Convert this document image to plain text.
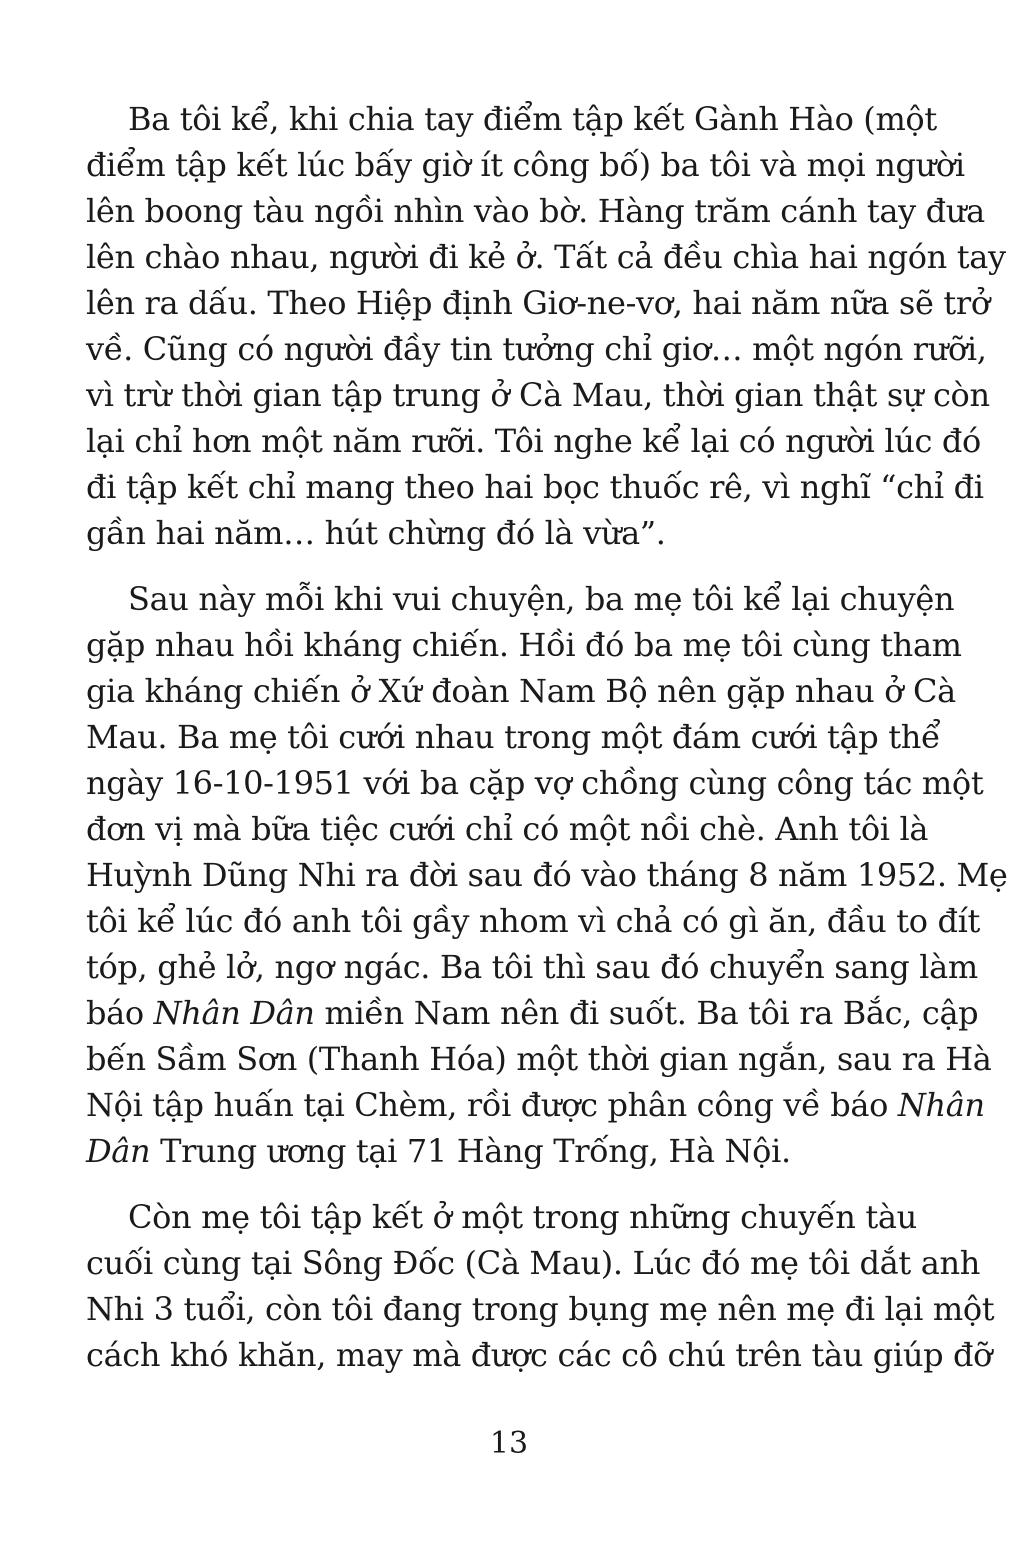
Ba tôi kể, khi chia tay điểm tập kết Gành Hào (một
điểm tập kết lúc bấy giờ ít công bố) ba tôi và mọi người
lên boong tàu ngồi nhìn vào bờ. Hàng trăm cánh tay đưa
lên chào nhau, người đi kẻ ở. Tất cả đều chìa hai ngón tay
lên ra dấu. Theo Hiệp định Giơ-ne-vơ, hai năm nữa sẽ trở
về. Cũng có người đầy tin tưởng chỉ giơ… một ngón rưỡi,
vì trừ thời gian tập trung ở Cà Mau, thời gian thật sự còn
lại chỉ hơn một năm rưỡi. Tôi nghe kể lại có người lúc đó
đi tập kết chỉ mang theo hai bọc thuốc rê, vì nghĩ “chỉ đi
gần hai năm… hút chừng đó là vừa”.
Sau này mỗi khi vui chuyện, ba mẹ tôi kể lại chuyện
gặp nhau hồi kháng chiến. Hồi đó ba mẹ tôi cùng tham
gia kháng chiến ở Xứ đoàn Nam Bộ nên gặp nhau ở Cà
Mau. Ba mẹ tôi cưới nhau trong một đám cưới tập thể
ngày 16-10-1951 với ba cặp vợ chồng cùng công tác một
đơn vị mà bữa tiệc cưới chỉ có một nồi chè. Anh tôi là
Huỳnh Dũng Nhi ra đời sau đó vào tháng 8 năm 1952. Mẹ
tôi kể lúc đó anh tôi gầy nhom vì chả có gì ăn, đầu to đít
tóp, ghẻ lở, ngơ ngác. Ba tôi thì sau đó chuyển sang làm
báo Nhân Dân miền Nam nên đi suốt. Ba tôi ra Bắc, cập
bến Sầm Sơn (Thanh Hóa) một thời gian ngắn, sau ra Hà
Nội tập huấn tại Chèm, rồi được phân công về báo Nhân
Dân Trung ương tại 71 Hàng Trống, Hà Nội.
Còn mẹ tôi tập kết ở một trong những chuyến tàu
cuối cùng tại Sông Đốc (Cà Mau). Lúc đó mẹ tôi dắt anh
Nhi 3 tuổi, còn tôi đang trong bụng mẹ nên mẹ đi lại một
cách khó khăn, may mà được các cô chú trên tàu giúp đỡ
13
